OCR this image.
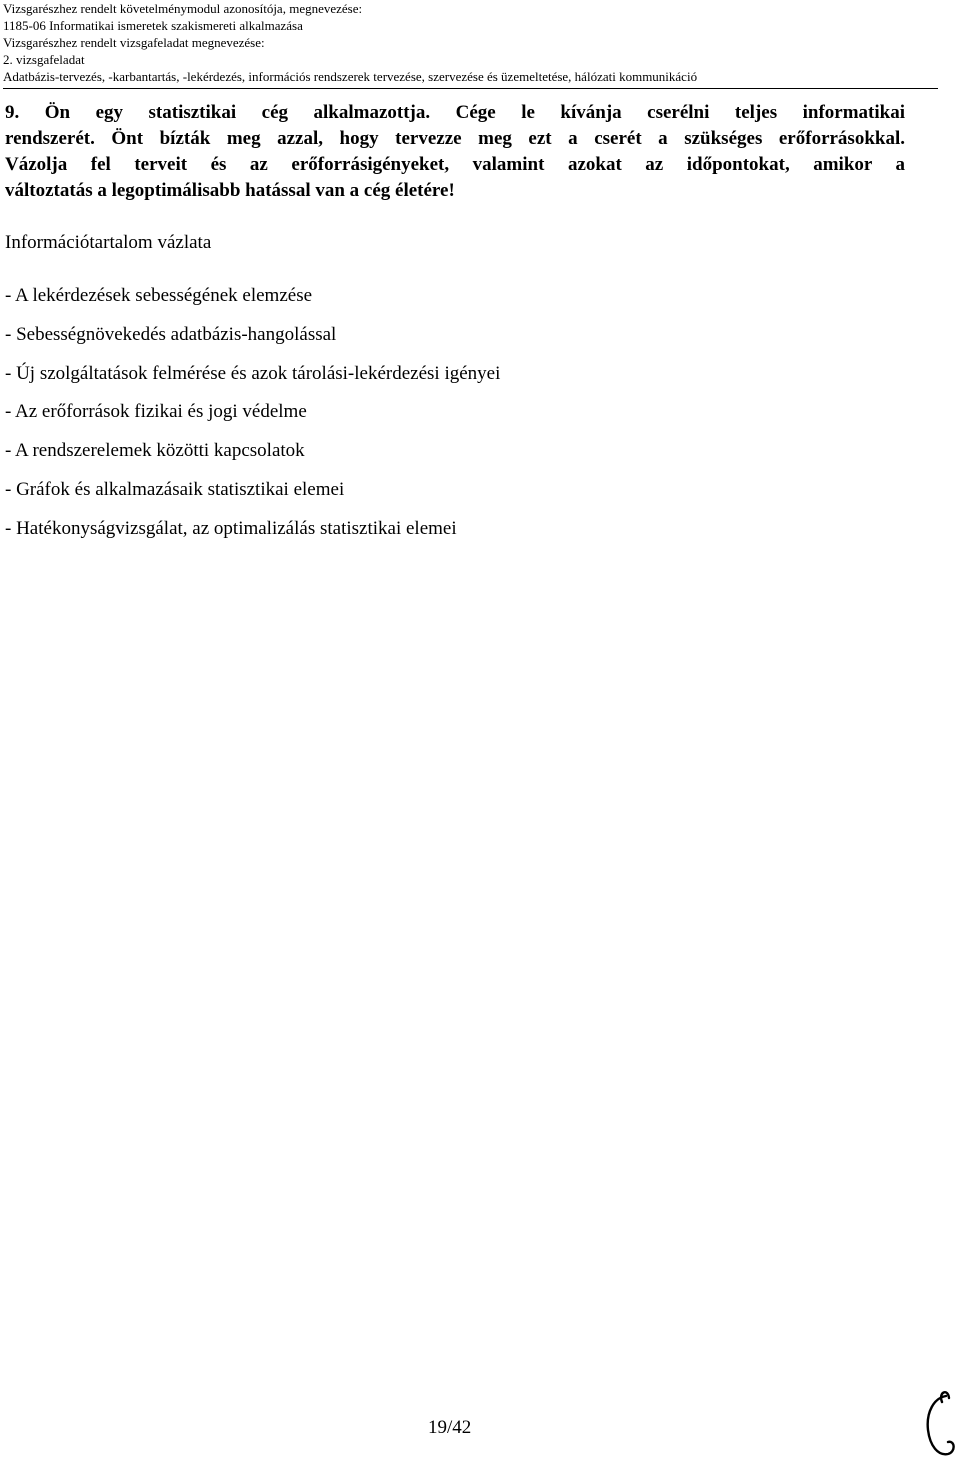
Vizsgarészhez rendelt követelménymodul azonosítója, megnevezése:
1185-06 Informatikai ismeretek szakismereti alkalmazása
Vizsgarészhez rendelt vizsgafeladat megnevezése:
2. vizsgafeladat
Adatbázis-tervezés, -karbantartás, -lekérdezés, információs rendszerek tervezése, szervezése és üzemeltetése, hálózati kommunikáció
9. Ön egy statisztikai cég alkalmazottja. Cége le kívánja cserélni teljes informatikai
rendszerét. Önt bízták meg azzal, hogy tervezze meg ezt a cserét a szükséges erőforrásokkal.
Vázolja fel terveit és az erőforrásigényeket, valamint azokat az időpontokat, amikor a
változtatás a legoptimálisabb hatással van a cég életére!
Információtartalom vázlata
- A lekérdezések sebességének elemzése
- Sebességnövekedés adatbázis-hangolással
- Új szolgáltatások felmérése és azok tárolási-lekérdezési igényei
- Az erőforrások fizikai és jogi védelme
- A rendszerelemek közötti kapcsolatok
- Gráfok és alkalmazásaik statisztikai elemei
- Hatékonyságvizsgálat, az optimalizálás statisztikai elemei
19/42
